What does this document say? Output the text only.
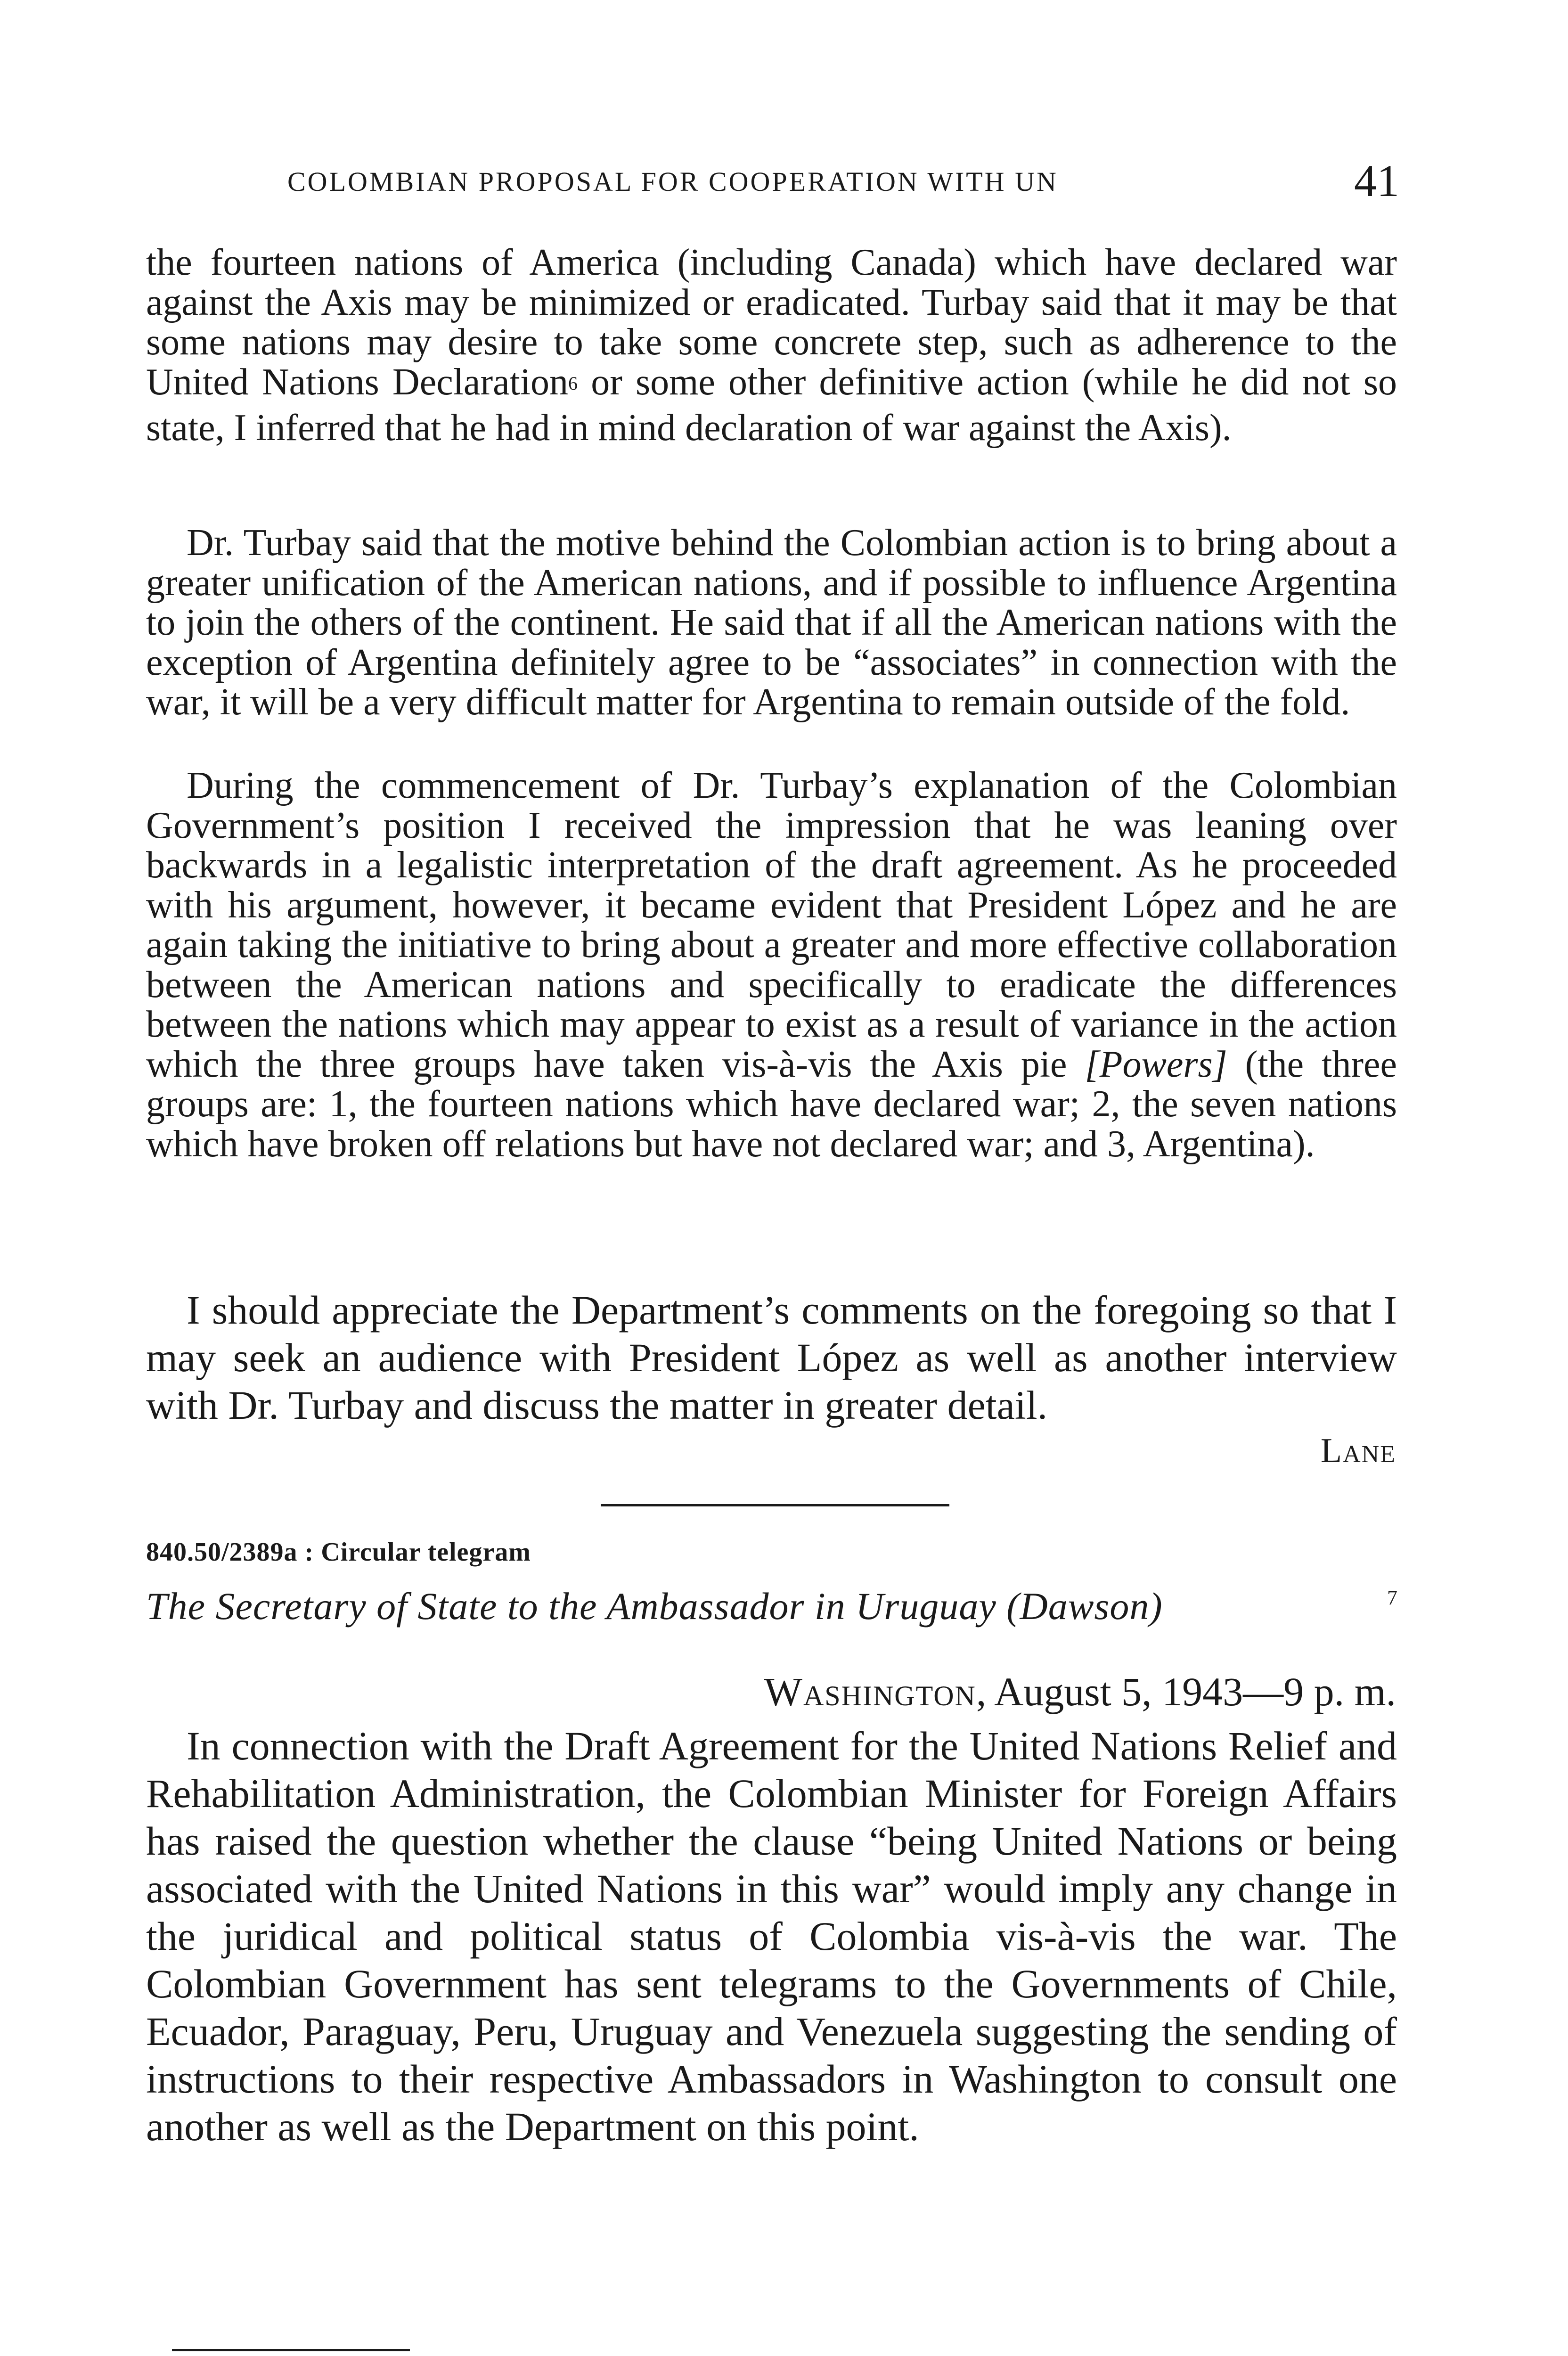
COLOMBIAN PROPOSAL FOR COOPERATION WITH UN	41

the fourteen nations of America (including Canada) which have declared war against the Axis may be minimized or eradicated. Turbay said that it may be that some nations may desire to take some concrete step, such as adherence to the United Nations Declaration$^6$ or some other definitive action (while he did not so state, I inferred that he had in mind declaration of war against the Axis).

Dr. Turbay said that the motive behind the Colombian action is to bring about a greater unification of the American nations, and if possible to influence Argentina to join the others of the continent. He said that if all the American nations with the exception of Argentina definitely agree to be “associates” in connection with the war, it will be a very difficult matter for Argentina to remain outside of the fold.

During the commencement of Dr. Turbay’s explanation of the Colombian Government’s position I received the impression that he was leaning over backwards in a legalistic interpretation of the draft agreement. As he proceeded with his argument, however, it became evident that President López and he are again taking the initiative to bring about a greater and more effective collaboration between the American nations and specifically to eradicate the differences between the nations which may appear to exist as a result of variance in the action which the three groups have taken vis-à-vis the Axis pie [Powers] (the three groups are: 1, the fourteen nations which have declared war; 2, the seven nations which have broken off relations but have not declared war; and 3, Argentina).

I should appreciate the Department’s comments on the foregoing so that I may seek an audience with President López as well as another interview with Dr. Turbay and discuss the matter in greater detail.

Lane
840.50/2389a : Circular telegram
The Secretary of State to the Ambassador in Uruguay (Dawson)	7
Washington, August 5, 1943—9 p. m.

In connection with the Draft Agreement for the United Nations Relief and Rehabilitation Administration, the Colombian Minister for Foreign Affairs has raised the question whether the clause “being United Nations or being associated with the United Nations in this war” would imply any change in the juridical and political status of Colombia vis-à-vis the war. The Colombian Government has sent telegrams to the Governments of Chile, Ecuador, Paraguay, Peru, Uruguay and Venezuela suggesting the sending of instructions to their respective Ambassadors in Washington to consult one another as well as the Department on this point.
